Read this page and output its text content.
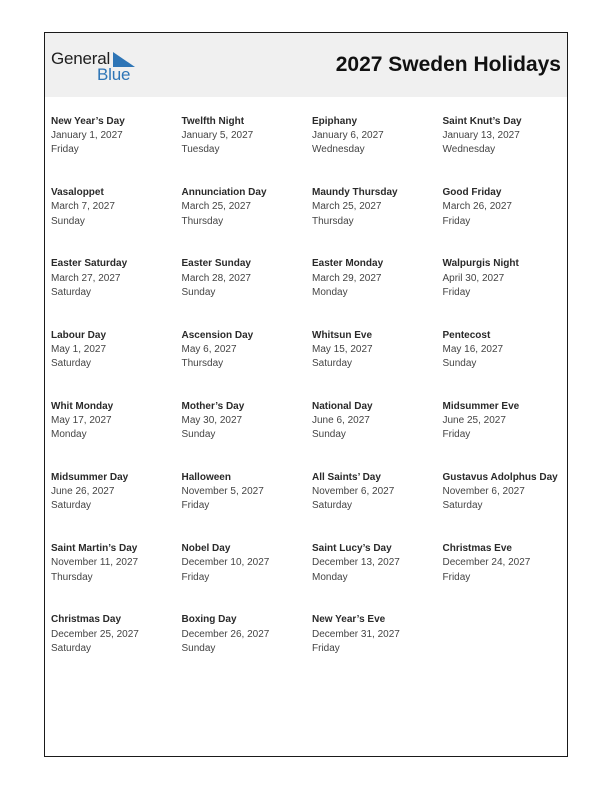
General
Blue	2027 Sweden Holidays
New Year’s Day
January 1, 2027
Friday
Twelfth Night
January 5, 2027
Tuesday
Epiphany
January 6, 2027
Wednesday
Saint Knut’s Day
January 13, 2027
Wednesday
Vasaloppet
March 7, 2027
Sunday
Annunciation Day
March 25, 2027
Thursday
Maundy Thursday
March 25, 2027
Thursday
Good Friday
March 26, 2027
Friday
Easter Saturday
March 27, 2027
Saturday
Easter Sunday
March 28, 2027
Sunday
Easter Monday
March 29, 2027
Monday
Walpurgis Night
April 30, 2027
Friday
Labour Day
May 1, 2027
Saturday
Ascension Day
May 6, 2027
Thursday
Whitsun Eve
May 15, 2027
Saturday
Pentecost
May 16, 2027
Sunday
Whit Monday
May 17, 2027
Monday
Mother’s Day
May 30, 2027
Sunday
National Day
June 6, 2027
Sunday
Midsummer Eve
June 25, 2027
Friday
Midsummer Day
June 26, 2027
Saturday
Halloween
November 5, 2027
Friday
All Saints’ Day
November 6, 2027
Saturday
Gustavus Adolphus Day
November 6, 2027
Saturday
Saint Martin’s Day
November 11, 2027
Thursday
Nobel Day
December 10, 2027
Friday
Saint Lucy’s Day
December 13, 2027
Monday
Christmas Eve
December 24, 2027
Friday
Christmas Day
December 25, 2027
Saturday
Boxing Day
December 26, 2027
Sunday
New Year’s Eve
December 31, 2027
Friday
